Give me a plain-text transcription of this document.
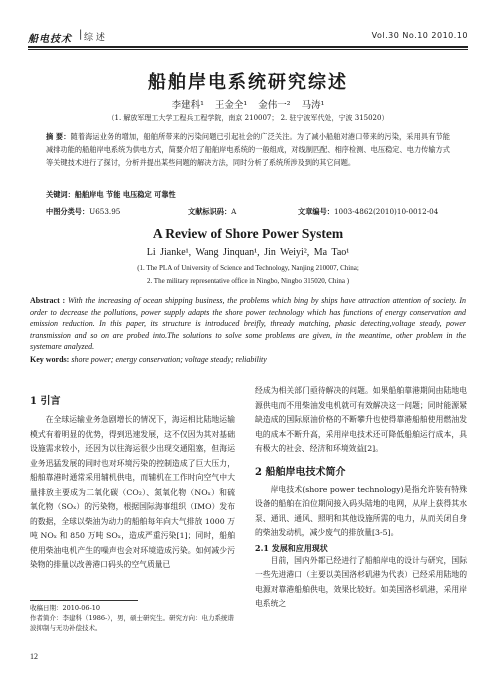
船电技术 | 综 述	Vol.30 No.10 2010.10
船舶岸电系统研究综述
李建科¹ 王金全¹ 金伟一² 马涛¹
（1. 解放军理工大学工程兵工程学院，南京 210007； 2. 驻宁波军代处，宁波 315020）
摘 要：随着海运业务的增加，船舶所带来的污染问题已引起社会的广泛关注。为了减小船舶对港口带来的污染，采用具有节能减排功能的船舶岸电系统为供电方式，简要介绍了船舶岸电系统的一般组成，对线制匹配、相序检测、电压稳定、电力传输方式等关键技术进行了探讨，分析并提出某些问题的解决方法，同时分析了系统所涉及到的其它问题。
关键词：船舶岸电 节能 电压稳定 可靠性
中图分类号：U653.95	文献标识码：A	文章编号：1003-4862(2010)10-0012-04
A Review of Shore Power System
Li Jianke¹, Wang Jinquan¹, Jin Weiyi², Ma Tao¹
(1. The PLA of University of Science and Technology, Nanjing 210007, China;
2. The military representative office in Ningbo, Ningbo 315020, China )
Abstract : With the increasing of ocean shipping business, the problems which bing by ships have attraction attention of society. In order to decrease the pollutions, power supply adapts the shore power technology which has functions of energy conservation and emission reduction. In this paper, its structure is introduced breifly, thready matching, phasic detecting,voltage steady, power transmission and so on are probed into.The solutions to solve some problems are given, in the meantime, other problem in the systemare analyzed.
Key words: shore power; energy conservation; voltage steady; reliability
1 引言
在全球运输业务急剧增长的情况下，海运相比陆地运输模式有着明显的优势，得到迅速发展，这不仅因为其对基础设施需求较小，还因为以往海运很少出现交通阻塞，但海运业务迅猛发展的同时也对环境污染的控制造成了巨大压力，船舶靠港时通常采用辅机供电，而辅机在工作时向空气中大量排放主要成为二氧化碳（CO₂）、氮氧化物（NOₓ）和硫氧化物（SOₓ）的污染物，根据国际海事组织（IMO）发布的数据，全球以柴油为动力的船舶每年向大气排放 1000 万吨 NOₓ 和 850 万吨 SOₓ，造成严重污染[1]；同时，船舶使用柴油电机产生的噪声也会对环境造成污染。如何减少污染物的排量以改善港口码头的空气质量已
经成为相关部门亟待解决的问题。如果船舶靠港期间由陆地电源供电而不用柴油发电机就可有效解决这一问题；同时能源紧缺造成的国际原油价格的不断攀升也使得靠港船舶使用燃油发电的成本不断升高，采用岸电技术还可降低船舶运行成本，具有极大的社会、经济和环境效益[2]。
2 船舶岸电技术简介
岸电技术(shore power technology)是指允许装有特殊设备的船舶在泊位期间接入码头陆地的电网，从岸上获得其水泵、通讯、通风、照明和其他设施所需的电力，从而关闭自身的柴油发动机，减少废气的排放量[3-5]。
2.1 发展和应用现状
目前，国内外都已经进行了船舶岸电的设计与研究，国际一些先进港口（主要以美国洛杉矶港为代表）已经采用陆地的电源对靠港船舶供电，效果比较好。如美国洛杉矶港，采用岸电系统之
收稿日期：2010-06-10
作者简介：李建科（1986-），男，硕士研究生。研究方向：电力系统谐波抑制与无功补偿技术。
12
